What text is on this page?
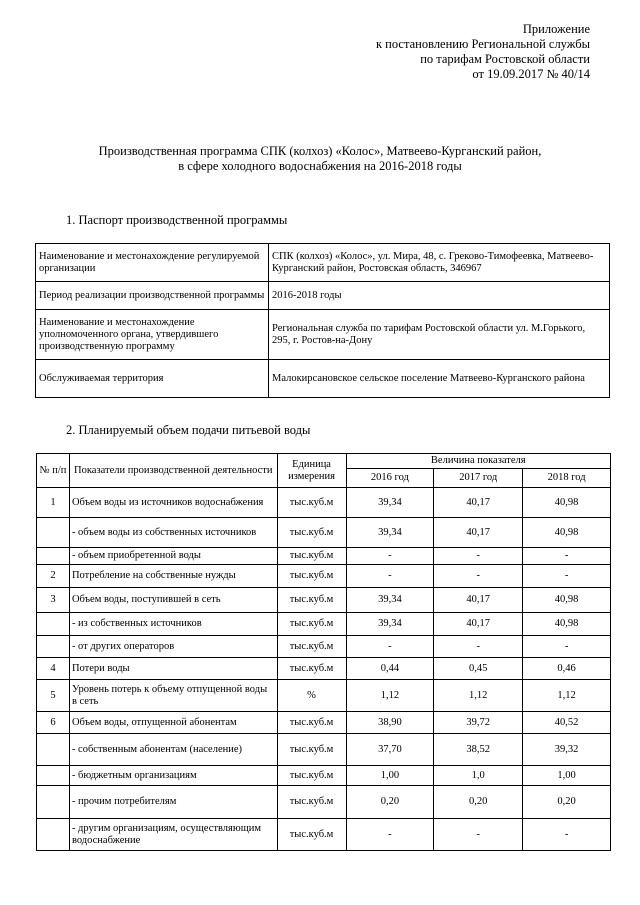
Приложение
к постановлению Региональной службы
по тарифам Ростовской области
от 19.09.2017 № 40/14
Производственная программа СПК (колхоз) «Колос», Матвеево-Курганский район,
в сфере холодного водоснабжения на 2016-2018 годы
1. Паспорт производственной программы
Наименование и местонахождение регулируемой организации	СПК (колхоз) «Колос», ул. Мира, 48, с. Греково-Тимофеевка, Матвеево-Курганский район, Ростовская область, 346967
Период реализации производственной программы	2016-2018 годы
Наименование и местонахождение уполномоченного органа, утвердившего производственную программу	Региональная служба по тарифам Ростовской области ул. М.Горького, 295, г. Ростов-на-Дону
Обслуживаемая территория	Малокирсановское сельское поселение Матвеево-Курганского района
2. Планируемый объем подачи питьевой воды
№ п/п	Показатели производственной деятельности	Единица измерения	Величина показателя		
			2016 год	2017 год	2018 год
1	Объем воды из источников водоснабжения	тыс.куб.м	39,34	40,17	40,98
	- объем воды из собственных источников	тыс.куб.м	39,34	40,17	40,98
	- объем приобретенной воды	тыс.куб.м	-	-	-
2	Потребление на собственные нужды	тыс.куб.м	-	-	-
3	Объем воды, поступившей в сеть	тыс.куб.м	39,34	40,17	40,98
	- из собственных источников	тыс.куб.м	39,34	40,17	40,98
	- от других операторов	тыс.куб.м	-	-	-
4	Потери воды	тыс.куб.м	0,44	0,45	0,46
5	Уровень потерь к объему отпущенной воды в сеть	%	1,12	1,12	1,12
6	Объем воды, отпущенной абонентам	тыс.куб.м	38,90	39,72	40,52
	- собственным абонентам (население)	тыс.куб.м	37,70	38,52	39,32
	- бюджетным организациям	тыс.куб.м	1,00	1,0	1,00
	- прочим потребителям	тыс.куб.м	0,20	0,20	0,20
	- другим организациям, осуществляющим водоснабжение	тыс.куб.м	-	-	-
